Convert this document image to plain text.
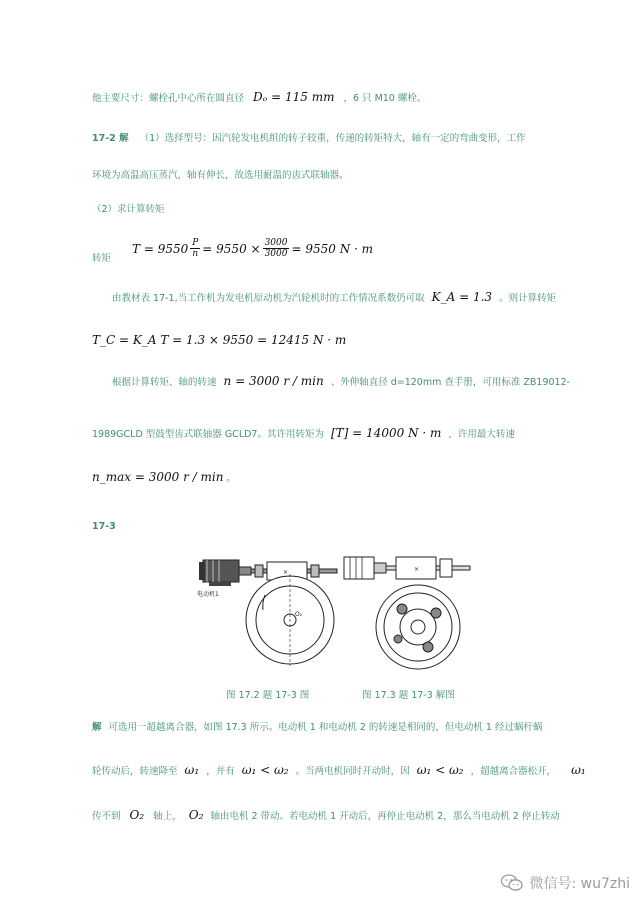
他主要尺寸：螺栓孔中心所在圆直径 Dₒ = 115 mm ，6 只 M10 螺栓。
17-2 解 （1）选择型号：因汽轮发电机组的转子较重，传递的转矩特大，轴有一定的弯曲变形，工作
环境为高温高压蒸汽，轴有伸长，故选用耐温的齿式联轴器。
（2）求计算转矩
转矩
$T = 9550 \frac{P}{n} = 9550 \times \frac{3000}{3000} = 9550$ N · m
由教材表 17-1,当工作机为发电机原动机为汽轮机时的工作情况系数仍可取 K_A = 1.3 。则计算转矩
T_C = K_A T = 1.3 × 9550 = 12415 N · m
根据计算转矩、轴的转速 n = 3000 r / min 、外伸轴直径 d=120mm 查手册，可用标准 ZB19012-
1989GCLD 型鼓型齿式联轴器 GCLD7。其许用转矩为 [T] = 14000 N · m ，许用最大转速
n_max = 3000 r / min 。
17-3
×
O₂
电动机1
×
图 17.2 题 17-3 图	图 17.3 题 17-3 解图
解 可选用一超越离合器，如图 17.3 所示。电动机 1 和电动机 2 的转速是相同的，但电动机 1 经过蜗杆蜗
轮传动后，转速降至 ω₁ ，并有 ω₁ < ω₂ 。当两电机同时开动时，因 ω₁ < ω₂ ，超越离合器松开， ω₁
传不到 O₂ 轴上， O₂ 轴由电机 2 带动。若电动机 1 开动后，再停止电动机 2，那么当电动机 2 停止转动
微信号: wu7zhi
